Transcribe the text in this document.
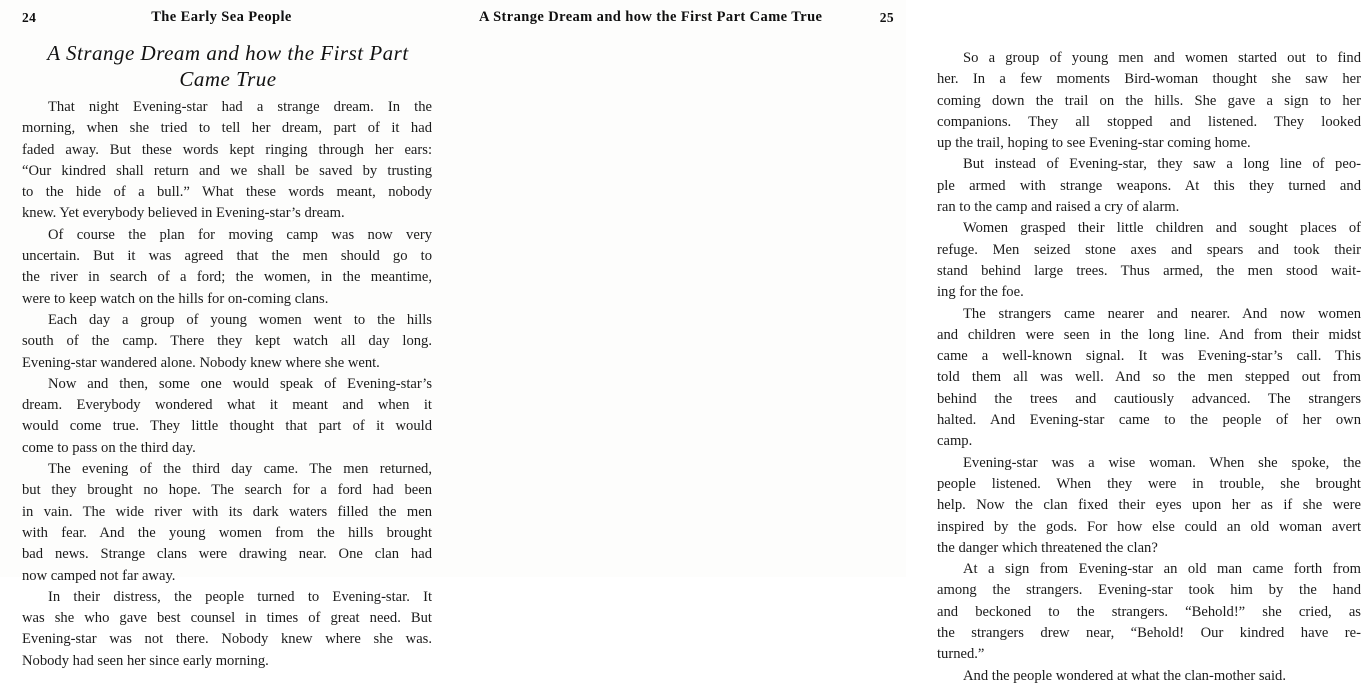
24	The Early Sea People
A Strange Dream and how the First Part
Came True

That night Evening-star had a strange dream. In the
morning, when she tried to tell her dream, part of it had
faded away. But these words kept ringing through her ears:
“Our kindred shall return and we shall be saved by trusting
to the hide of a bull.” What these words meant, nobody
knew. Yet everybody believed in Evening-star’s dream.

Of course the plan for moving camp was now very
uncertain. But it was agreed that the men should go to
the river in search of a ford; the women, in the meantime,
were to keep watch on the hills for on-coming clans.

Each day a group of young women went to the hills
south of the camp. There they kept watch all day long.
Evening-star wandered alone. Nobody knew where she went.

Now and then, some one would speak of Evening-star’s
dream. Everybody wondered what it meant and when it
would come true. They little thought that part of it would
come to pass on the third day.

The evening of the third day came. The men returned,
but they brought no hope. The search for a ford had been
in vain. The wide river with its dark waters filled the men
with fear. And the young women from the hills brought
bad news. Strange clans were drawing near. One clan had
now camped not far away.

In their distress, the people turned to Evening-star. It
was she who gave best counsel in times of great need. But
Evening-star was not there. Nobody knew where she was.
Nobody had seen her since early morning.

A Strange Dream and how the First Part Came True	25

So a group of young men and women started out to find
her. In a few moments Bird-woman thought she saw her
coming down the trail on the hills. She gave a sign to her
companions. They all stopped and listened. They looked
up the trail, hoping to see Evening-star coming home.

But instead of Evening-star, they saw a long line of peo-
ple armed with strange weapons. At this they turned and
ran to the camp and raised a cry of alarm.

Women grasped their little children and sought places of
refuge. Men seized stone axes and spears and took their
stand behind large trees. Thus armed, the men stood wait-
ing for the foe.

The strangers came nearer and nearer. And now women
and children were seen in the long line. And from their midst
came a well-known signal. It was Evening-star’s call. This
told them all was well. And so the men stepped out from
behind the trees and cautiously advanced. The strangers
halted. And Evening-star came to the people of her own
camp.

Evening-star was a wise woman. When she spoke, the
people listened. When they were in trouble, she brought
help. Now the clan fixed their eyes upon her as if she were
inspired by the gods. For how else could an old woman avert
the danger which threatened the clan?

At a sign from Evening-star an old man came forth from
among the strangers. Evening-star took him by the hand
and beckoned to the strangers. “Behold!” she cried, as
the strangers drew near, “Behold! Our kindred have re-
turned.”

And the people wondered at what the clan-mother said.
